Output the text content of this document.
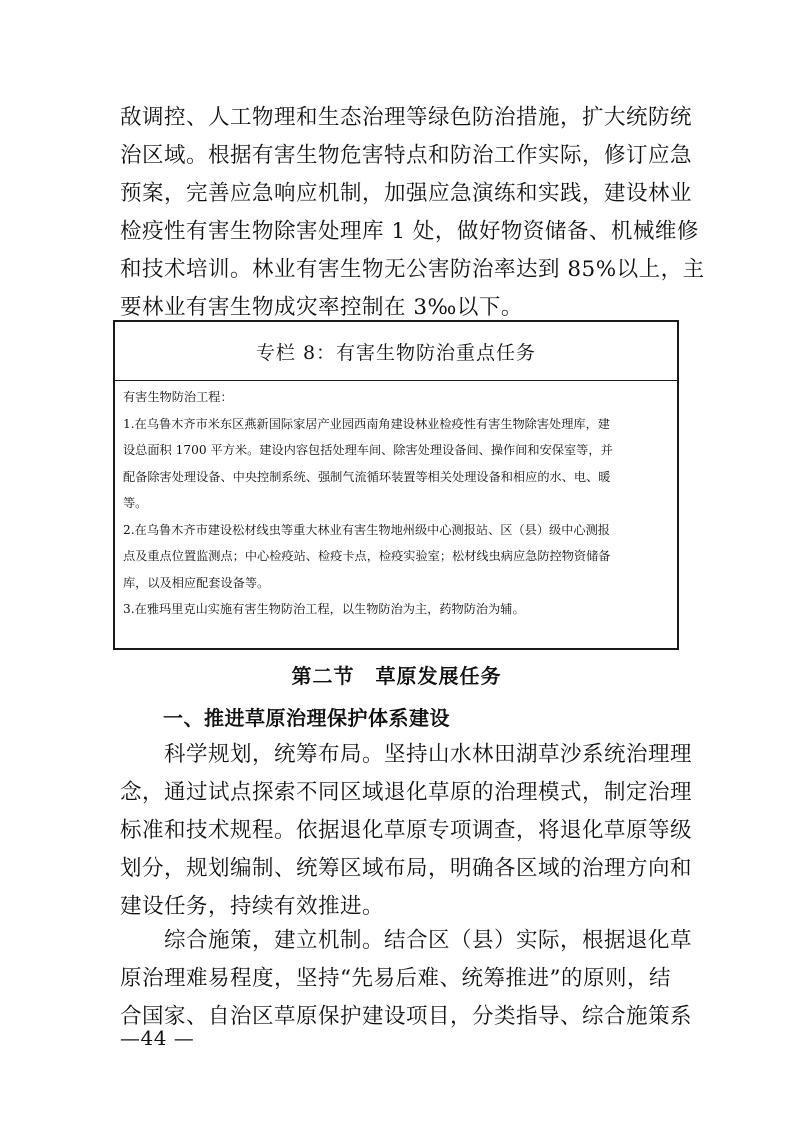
敌调控、人工物理和生态治理等绿色防治措施，扩大统防统
治区域。根据有害生物危害特点和防治工作实际，修订应急
预案，完善应急响应机制，加强应急演练和实践，建设林业
检疫性有害生物除害处理库 1 处，做好物资储备、机械维修
和技术培训。林业有害生物无公害防治率达到 85%以上，主
要林业有害生物成灾率控制在 3‰以下。
专栏 8：有害生物防治重点任务
有害生物防治工程：
1.在乌鲁木齐市米东区燕新国际家居产业园西南角建设林业检疫性有害生物除害处理库，建
设总面积 1700 平方米。建设内容包括处理车间、除害处理设备间、操作间和安保室等，并
配备除害处理设备、中央控制系统、强制气流循环装置等相关处理设备和相应的水、电、暖
等。
2.在乌鲁木齐市建设松材线虫等重大林业有害生物地州级中心测报站、区（县）级中心测报
点及重点位置监测点；中心检疫站、检疫卡点，检疫实验室；松材线虫病应急防控物资储备
库，以及相应配套设备等。
3.在雅玛里克山实施有害生物防治工程，以生物防治为主，药物防治为辅。
第二节　草原发展任务
一、推进草原治理保护体系建设
　　科学规划，统筹布局。坚持山水林田湖草沙系统治理理
念，通过试点探索不同区域退化草原的治理模式，制定治理
标准和技术规程。依据退化草原专项调查，将退化草原等级
划分，规划编制、统筹区域布局，明确各区域的治理方向和
建设任务，持续有效推进。
　　综合施策，建立机制。结合区（县）实际，根据退化草
原治理难易程度，坚持“先易后难、统筹推进”的原则，结
合国家、自治区草原保护建设项目，分类指导、综合施策系
—44 —
